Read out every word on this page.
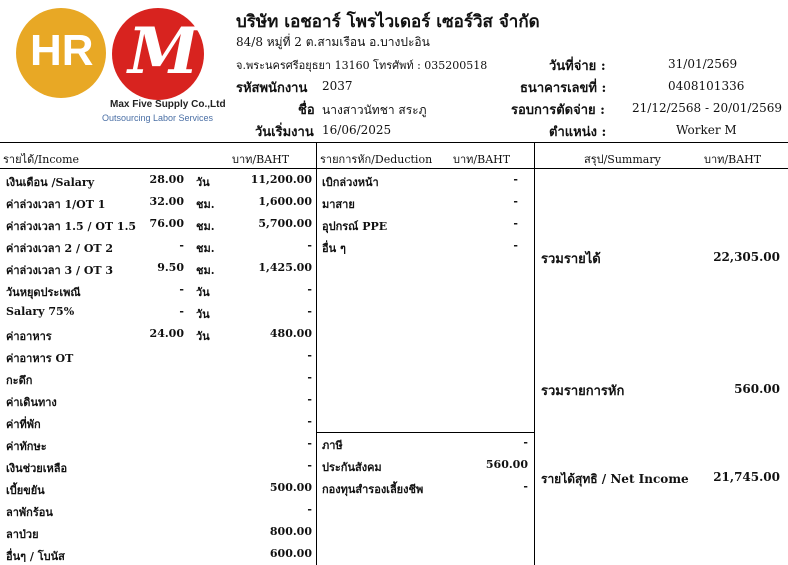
HR M
Max Five Supply Co.,Ltd
Outsourcing Labor Services
บริษัท เอชอาร์ โพรไวเดอร์ เซอร์วิส จำกัด
84/8 หมู่ที่ 2 ต.สามเรือน อ.บางปะอิน
จ.พระนครศรีอยุธยา 13160 โทรศัพท์ : 035200518
รหัสพนักงาน 2037
ชื่อ นางสาวนัทชา สระภู
วันเริ่มงาน 16/06/2025
วันที่จ่าย :	31/01/2569
ธนาคารเลขที่ :	0408101336
รอบการตัดจ่าย : 21/12/2568 - 20/01/2569
ตำแหน่ง :	Worker M
รายได้/Income	บาท/BAHT	รายการหัก/Deduction บาท/BAHT	สรุป/Summary	บาท/BAHT
เงินเดือน /Salary	28.00 วัน	11,200.00
ค่าล่วงเวลา 1/OT 1	32.00 ชม.	1,600.00
ค่าล่วงเวลา 1.5 / OT 1.5	76.00 ชม.	5,700.00
ค่าล่วงเวลา 2 / OT 2	- ชม.	-
ค่าล่วงเวลา 3 / OT 3	9.50 ชม.	1,425.00
วันหยุดประเพณี	- วัน	-
Salary 75%	- วัน	-
ค่าอาหาร	24.00 วัน	480.00
ค่าอาหาร OT	-
กะดึก	-
ค่าเดินทาง	-
ค่าที่พัก	-
ค่าทักษะ	-
เงินช่วยเหลือ	-
เบี้ยขยัน	500.00
ลาพักร้อน	-
ลาป่วย	800.00
อื่นๆ / โบนัส	600.00
เบิกล่วงหน้า	-
มาสาย	-
อุปกรณ์ PPE	-
อื่น ๆ	-
ภาษี	-
ประกันสังคม	560.00
กองทุนสำรองเลี้ยงชีพ	-
รวมรายได้	22,305.00
รวมรายการหัก	560.00
รายได้สุทธิ / Net Income	21,745.00
